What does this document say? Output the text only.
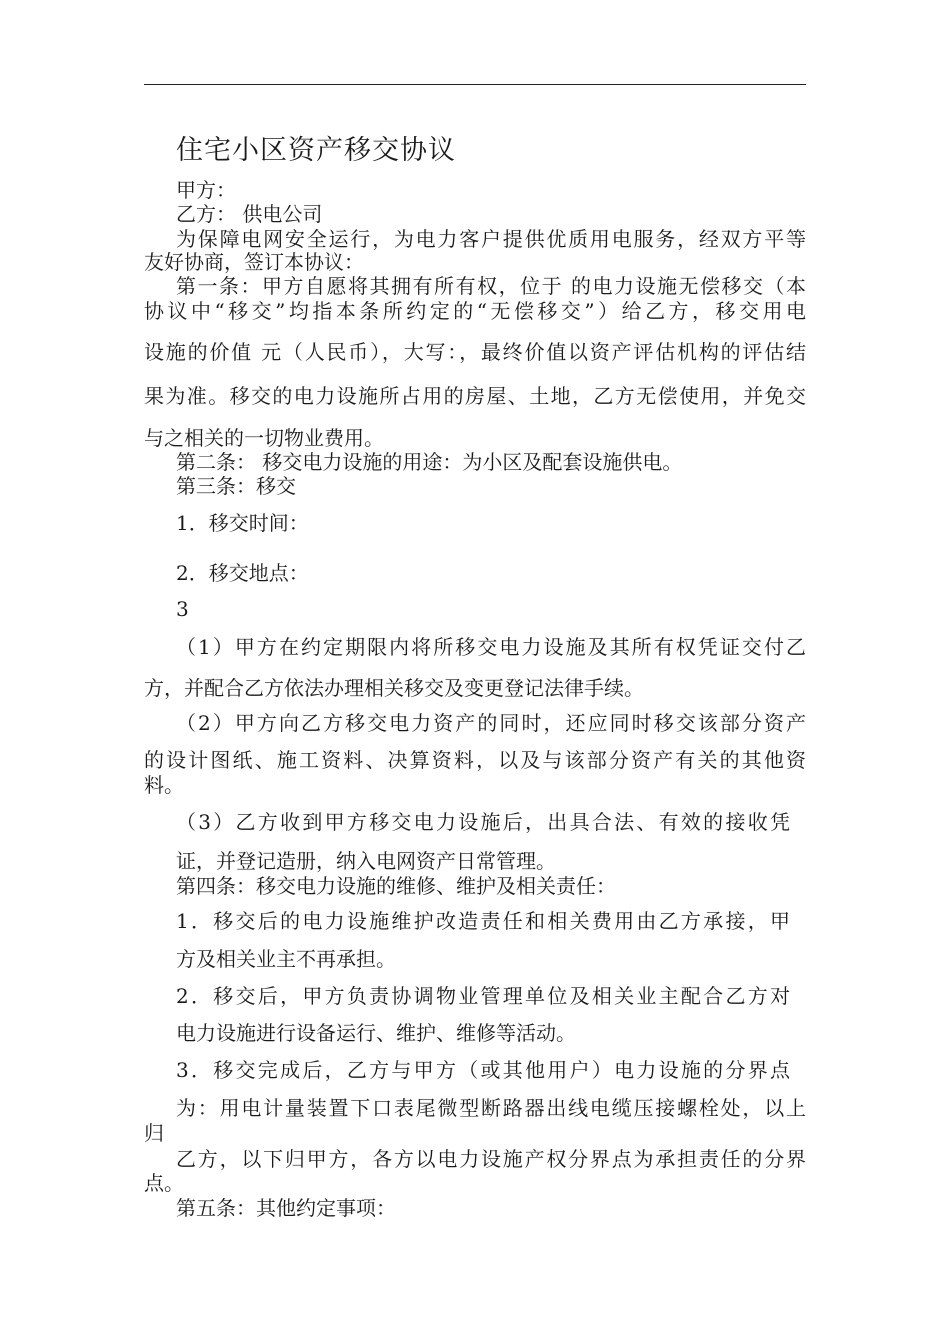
住宅小区资产移交协议
甲方：
乙方： 供电公司
为保障电网安全运行，为电力客户提供优质用电服务，经双方平等
友好协商，签订本协议：
第一条：甲方自愿将其拥有所有权，位于 的电力设施无偿移交（本
协议中“移交”均指本条所约定的“无偿移交”）给乙方，移交用电
设施的价值 元（人民币），大写：，最终价值以资产评估机构的评估结
果为准。移交的电力设施所占用的房屋、土地，乙方无偿使用，并免交
与之相关的一切物业费用。
第二条： 移交电力设施的用途：为小区及配套设施供电。
第三条：移交
1．移交时间：
2．移交地点：
3
（1）甲方在约定期限内将所移交电力设施及其所有权凭证交付乙
方，并配合乙方依法办理相关移交及变更登记法律手续。
（2）甲方向乙方移交电力资产的同时，还应同时移交该部分资产
的设计图纸、施工资料、决算资料，以及与该部分资产有关的其他资
料。
（3）乙方收到甲方移交电力设施后，出具合法、有效的接收凭
证，并登记造册，纳入电网资产日常管理。
第四条：移交电力设施的维修、维护及相关责任：
1．移交后的电力设施维护改造责任和相关费用由乙方承接，甲
方及相关业主不再承担。
2．移交后，甲方负责协调物业管理单位及相关业主配合乙方对
电力设施进行设备运行、维护、维修等活动。
3．移交完成后，乙方与甲方（或其他用户）电力设施的分界点
为：用电计量装置下口表尾微型断路器出线电缆压接螺栓处，以上
归
乙方，以下归甲方，各方以电力设施产权分界点为承担责任的分界
点。
第五条：其他约定事项：
